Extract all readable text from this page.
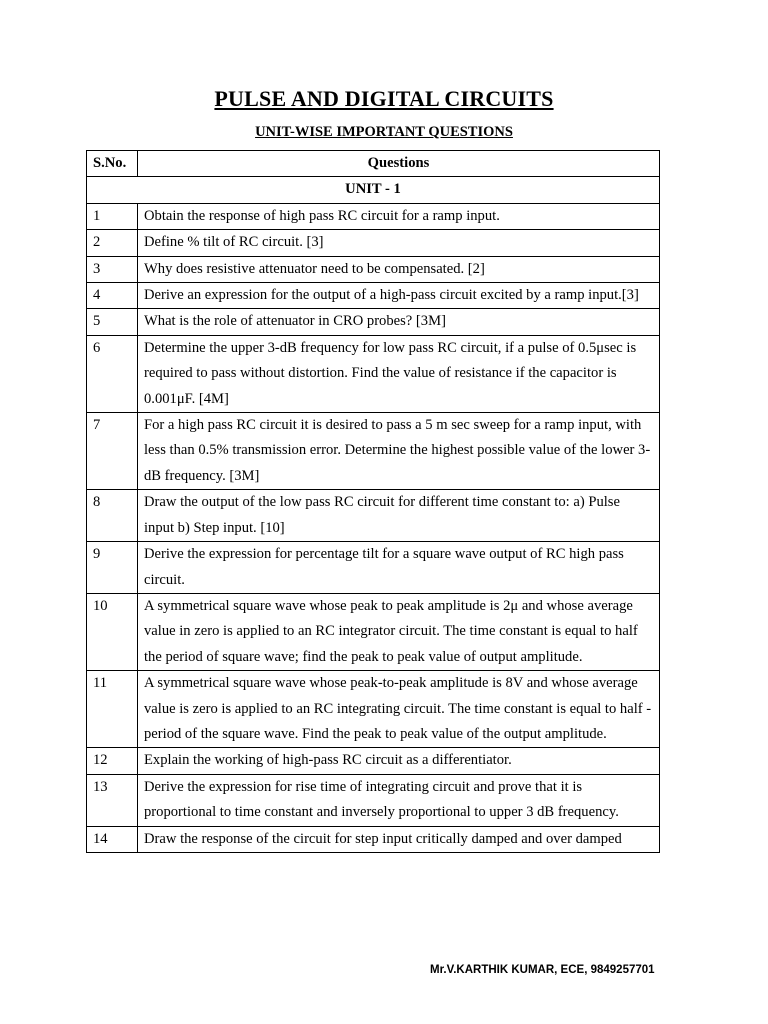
PULSE AND DIGITAL CIRCUITS
UNIT-WISE IMPORTANT QUESTIONS
S.No.	Questions
UNIT - 1	
1	Obtain the response of high pass RC circuit for a ramp input.
2	Define % tilt of RC circuit. [3]
3	Why does resistive attenuator need to be compensated. [2]
4	Derive an expression for the output of a high-pass circuit excited by a ramp input.[3]
5	What is the role of attenuator in CRO probes? [3M]
6	Determine the upper 3-dB frequency for low pass RC circuit, if a pulse of 0.5μsec is required to pass without distortion. Find the value of resistance if the capacitor is 0.001μF. [4M]
7	For a high pass RC circuit it is desired to pass a 5 m sec sweep for a ramp input, with less than 0.5% transmission error. Determine the highest possible value of the lower 3-dB frequency. [3M]
8	Draw the output of the low pass RC circuit for different time constant to: a) Pulse input b) Step input. [10]
9	Derive the expression for percentage tilt for a square wave output of RC high pass circuit.
10	A symmetrical square wave whose peak to peak amplitude is 2μ and whose average value in zero is applied to an RC integrator circuit. The time constant is equal to half the period of square wave; find the peak to peak value of output amplitude.
11	A symmetrical square wave whose peak-to-peak amplitude is 8V and whose average value is zero is applied to an RC integrating circuit. The time constant is equal to half -period of the square wave. Find the peak to peak value of the output amplitude.
12	Explain the working of high-pass RC circuit as a differentiator.
13	Derive the expression for rise time of integrating circuit and prove that it is proportional to time constant and inversely proportional to upper 3 dB frequency.
14	Draw the response of the circuit for step input critically damped and over damped
Mr.V.KARTHIK KUMAR, ECE, 9849257701
